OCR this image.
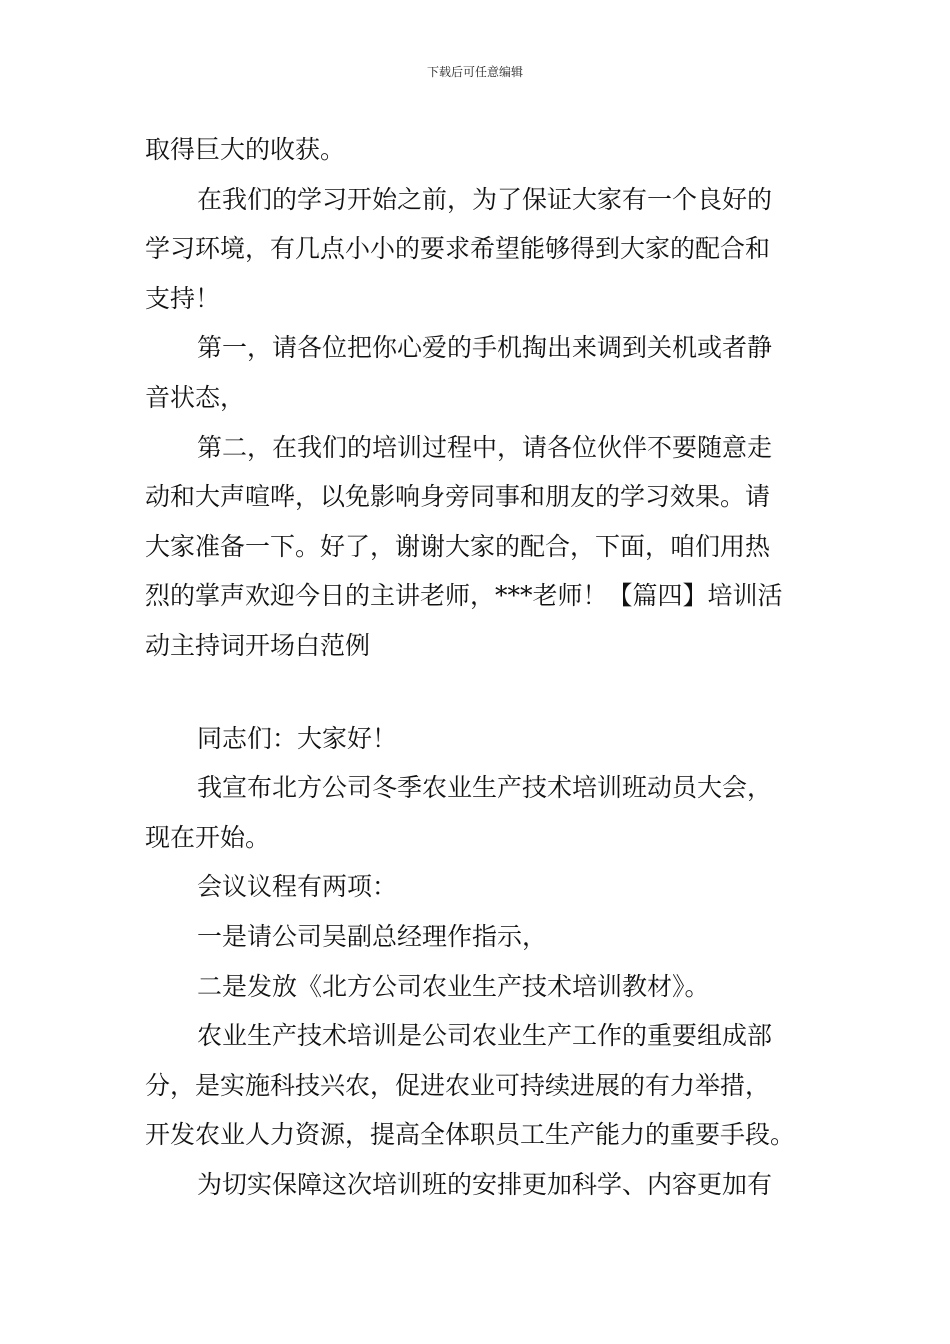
下载后可任意编辑
取得巨大的收获。
在我们的学习开始之前，为了保证大家有一个良好的
学习环境，有几点小小的要求希望能够得到大家的配合和
支持！
第一，请各位把你心爱的手机掏出来调到关机或者静
音状态，
第二，在我们的培训过程中，请各位伙伴不要随意走
动和大声喧哗，以免影响身旁同事和朋友的学习效果。请
大家准备一下。好了，谢谢大家的配合，下面，咱们用热
烈的掌声欢迎今日的主讲老师，***老师！【篇四】培训活
动主持词开场白范例
同志们：大家好！
我宣布北方公司冬季农业生产技术培训班动员大会，
现在开始。
会议议程有两项：
一是请公司吴副总经理作指示，
二是发放《北方公司农业生产技术培训教材》。
农业生产技术培训是公司农业生产工作的重要组成部
分，是实施科技兴农，促进农业可持续进展的有力举措，
开发农业人力资源，提高全体职员工生产能力的重要手段。
为切实保障这次培训班的安排更加科学、内容更加有
